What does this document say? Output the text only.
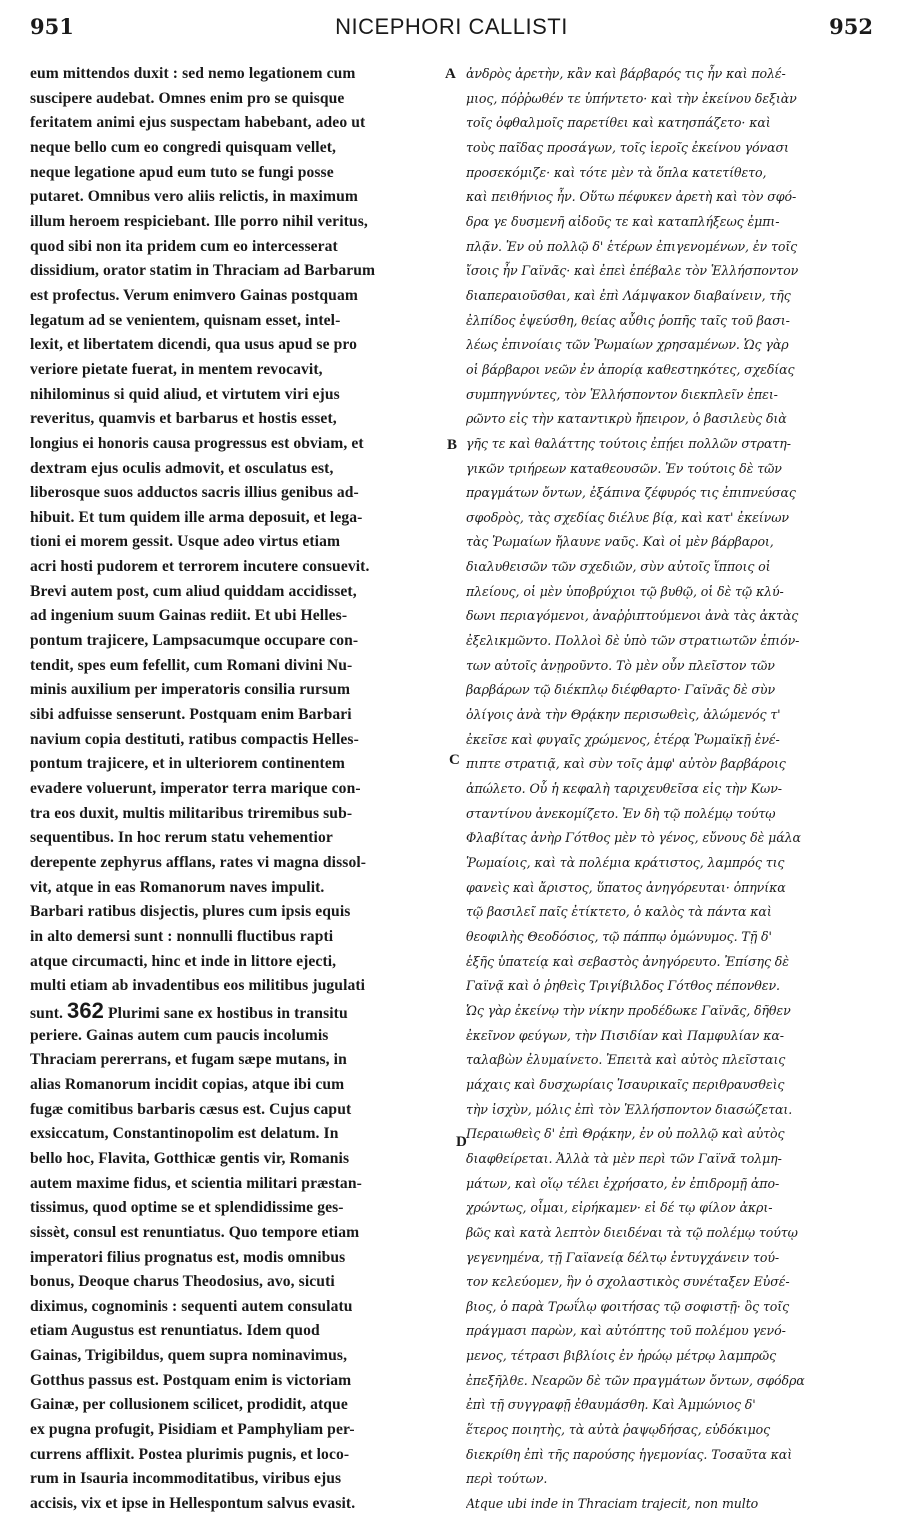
951	NICEPHORI CALLISTI	952
eum mittendos duxit : sed nemo legationem cum
suscipere audebat. Omnes enim pro se quisque
feritatem animi ejus suspectam habebant, adeo ut
neque bello cum eo congredi quisquam vellet,
neque legatione apud eum tuto se fungi posse
putaret. Omnibus vero aliis relictis, in maximum
illum heroem respiciebant. Ille porro nihil veritus,
quod sibi non ita pridem cum eo intercesserat
dissidium, orator statim in Thraciam ad Barbarum
est profectus. Verum enimvero Gainas postquam
legatum ad se venientem, quisnam esset, intel-
lexit, et libertatem dicendi, qua usus apud se pro
veriore pietate fuerat, in mentem revocavit,
nihilominus si quid aliud, et virtutem viri ejus
reveritus, quamvis et barbarus et hostis esset,
longius ei honoris causa progressus est obviam, et
dextram ejus oculis admovit, et osculatus est,
liberosque suos adductos sacris illius genibus ad-
hibuit. Et tum quidem ille arma deposuit, et lega-
tioni ei morem gessit. Usque adeo virtus etiam
acri hosti pudorem et terrorem incutere consuevit.
Brevi autem post, cum aliud quiddam accidisset,
ad ingenium suum Gainas rediit. Et ubi Helles-
pontum trajicere, Lampsacumque occupare con-
tendit, spes eum fefellit, cum Romani divini Nu-
minis auxilium per imperatoris consilia rursum
sibi adfuisse senserunt. Postquam enim Barbari
navium copia destituti, ratibus compactis Helles-
pontum trajicere, et in ulteriorem continentem
evadere voluerunt, imperator terra marique con-
tra eos duxit, multis militaribus triremibus sub-
sequentibus. In hoc rerum statu vehementior
derepente zephyrus afflans, rates vi magna dissol-
vit, atque in eas Romanorum naves impulit.
Barbari ratibus disjectis, plures cum ipsis equis
in alto demersi sunt : nonnulli fluctibus rapti
atque circumacti, hinc et inde in littore ejecti,
multi etiam ab invadentibus eos militibus jugulati
sunt. 362 Plurimi sane ex hostibus in transitu
periere. Gainas autem cum paucis incolumis
Thraciam pererrans, et fugam sæpe mutans, in
alias Romanorum incidit copias, atque ibi cum
fugæ comitibus barbaris cæsus est. Cujus caput
exsiccatum, Constantinopolim est delatum. In
bello hoc, Flavita, Gotthicæ gentis vir, Romanis
autem maxime fidus, et scientia militari præstan-
tissimus, quod optime se et splendidissime ges-
sissèt, consul est renuntiatus. Quo tempore etiam
imperatori filius prognatus est, modis omnibus
bonus, Deoque charus Theodosius, avo, sicuti
diximus, cognominis : sequenti autem consulatu
etiam Augustus est renuntiatus. Idem quod
Gainas, Trigibildus, quem supra nominavimus,
Gotthus passus est. Postquam enim is victoriam
Gainæ, per collusionem scilicet, prodidit, atque
ex pugna profugit, Pisidiam et Pamphyliam per-
currens afflixit. Postea plurimis pugnis, et loco-
rum in Isauria incommoditatibus, viribus ejus
accisis, vix et ipse in Hellespontum salvus evasit.
ἀνδρὸς ἀρετὴν, κἂν καὶ βάρβαρός τις ἦν καὶ πολέ-
μιος, πόῤῥωθέν τε ὑπήντετο· καὶ τὴν ἐκείνου δεξιὰν
τοῖς ὀφθαλμοῖς παρετίθει καὶ κατησπάζετο· καὶ
τοὺς παῖδας προσάγων, τοῖς ἱεροῖς ἐκείνου γόνασι
προσεκόμιζε· καὶ τότε μὲν τὰ ὅπλα κατετίθετο,
καὶ πειθήνιος ἦν. Οὕτω πέφυκεν ἀρετὴ καὶ τὸν σφό-
δρα γε δυσμενῆ αἰδοῦς τε καὶ καταπλήξεως ἐμπι-
πλᾷν. Ἐν οὐ πολλῷ δ' ἑτέρων ἐπιγενομένων, ἐν τοῖς
ἴσοις ἦν Γαϊνᾶς· καὶ ἐπεὶ ἐπέβαλε τὸν Ἑλλήσποντον
διαπεραιοῦσθαι, καὶ ἐπὶ Λάμψακον διαβαίνειν, τῆς
ἐλπίδος ἐψεύσθη, θείας αὖθις ῥοπῆς ταῖς τοῦ βασι-
λέως ἐπινοίαις τῶν Ῥωμαίων χρησαμένων. Ὡς γὰρ
οἱ βάρβαροι νεῶν ἐν ἀπορίᾳ καθεστηκότες, σχεδίας
συμπηγνύντες, τὸν Ἑλλήσποντον διεκπλεῖν ἐπει-
ρῶντο εἰς τὴν καταντικρὺ ἤπειρον, ὁ βασιλεὺς διὰ
γῆς τε καὶ θαλάττης τούτοις ἐπῄει πολλῶν στρατη-
γικῶν τριήρεων καταθεουσῶν. Ἐν τούτοις δὲ τῶν
πραγμάτων ὄντων, ἐξάπινα ζέφυρός τις ἐπιπνεύσας
σφοδρὸς, τὰς σχεδίας διέλυε βίᾳ, καὶ κατ' ἐκείνων
τὰς Ῥωμαίων ἤλαυνε ναῦς. Καὶ οἱ μὲν βάρβαροι,
διαλυθεισῶν τῶν σχεδιῶν, σὺν αὐτοῖς ἵπποις οἱ
πλείους, οἱ μὲν ὑποβρύχιοι τῷ βυθῷ, οἱ δὲ τῷ κλύ-
δωνι περιαγόμενοι, ἀναῤῥιπτούμενοι ἀνὰ τὰς ἀκτὰς
ἐξελικμῶντο. Πολλοὶ δὲ ὑπὸ τῶν στρατιωτῶν ἐπιόν-
των αὐτοῖς ἀνῃροῦντο. Τὸ μὲν οὖν πλεῖστον τῶν
βαρβάρων τῷ διέκπλῳ διέφθαρτο· Γαϊνᾶς δὲ σὺν
ὀλίγοις ἀνὰ τὴν Θρᾴκην περισωθεὶς, ἀλώμενός τ'
ἐκεῖσε καὶ φυγαῖς χρώμενος, ἑτέρᾳ Ῥωμαϊκῇ ἐνέ-
πιπτε στρατιᾷ, καὶ σὺν τοῖς ἀμφ' αὐτὸν βαρβάροις
ἀπώλετο. Οὗ ἡ κεφαλὴ ταριχευθεῖσα εἰς τὴν Κων-
σταντίνου ἀνεκομίζετο. Ἐν δὴ τῷ πολέμῳ τούτῳ
Φλαβίτας ἀνὴρ Γότθος μὲν τὸ γένος, εὔνους δὲ μάλα
Ῥωμαίοις, καὶ τὰ πολέμια κράτιστος, λαμπρός τις
φανεὶς καὶ ἄριστος, ὕπατος ἀνηγόρευται· ὁπηνίκα
τῷ βασιλεῖ παῖς ἐτίκτετο, ὁ καλὸς τὰ πάντα καὶ
θεοφιλὴς Θεοδόσιος, τῷ πάππῳ ὁμώνυμος. Τῇ δ'
ἑξῆς ὑπατείᾳ καὶ σεβαστὸς ἀνηγόρευτο. Ἐπίσης δὲ
Γαϊνᾷ καὶ ὁ ῥηθεὶς Τριγίβιλδος Γότθος πέπονθεν.
Ὡς γὰρ ἐκείνῳ τὴν νίκην προδέδωκε Γαϊνᾶς, δῆθεν
ἐκεῖνον φεύγων, τὴν Πισιδίαν καὶ Παμφυλίαν κα-
ταλαβὼν ἐλυμαίνετο. Ἐπειτὰ καὶ αὐτὸς πλεῖσταις
μάχαις καὶ δυσχωρίαις Ἰσαυρικαῖς περιθραυσθεὶς
τὴν ἰσχὺν, μόλις ἐπὶ τὸν Ἑλλήσποντον διασώζεται.
Περαιωθεὶς δ' ἐπὶ Θρᾴκην, ἐν οὐ πολλῷ καὶ αὐτὸς
διαφθείρεται. Ἀλλὰ τὰ μὲν περὶ τῶν Γαϊνᾶ τολμη-
μάτων, καὶ οἵῳ τέλει ἐχρήσατο, ἐν ἐπιδρομῇ ἀπο-
χρώντως, οἶμαι, εἰρήκαμεν· εἰ δέ τῳ φίλον ἀκρι-
βῶς καὶ κατὰ λεπτὸν διειδέναι τὰ τῷ πολέμῳ τούτῳ
γεγενημένα, τῇ Γαϊανείᾳ δέλτῳ ἐντυγχάνειν τού-
τον κελεύομεν, ἣν ὁ σχολαστικὸς συνέταξεν Εὐσέ-
βιος, ὁ παρὰ Τρωΐλῳ φοιτήσας τῷ σοφιστῇ· ὃς τοῖς
πράγμασι παρὼν, καὶ αὐτόπτης τοῦ πολέμου γενό-
μενος, τέτρασι βιβλίοις ἐν ἡρώῳ μέτρῳ λαμπρῶς
ἐπεξῆλθε. Νεαρῶν δὲ τῶν πραγμάτων ὄντων, σφόδρα
ἐπὶ τῇ συγγραφῇ ἐθαυμάσθη. Καὶ Ἀμμώνιος δ'
ἕτερος ποιητὴς, τὰ αὐτὰ ῥαψῳδήσας, εὐδόκιμος
διεκρίθη ἐπὶ τῆς παρούσης ἡγεμονίας. Τοσαῦτα καὶ
περὶ τούτων.
Atque ubi inde in Thraciam trajecit, non multo
A
B
C
D
